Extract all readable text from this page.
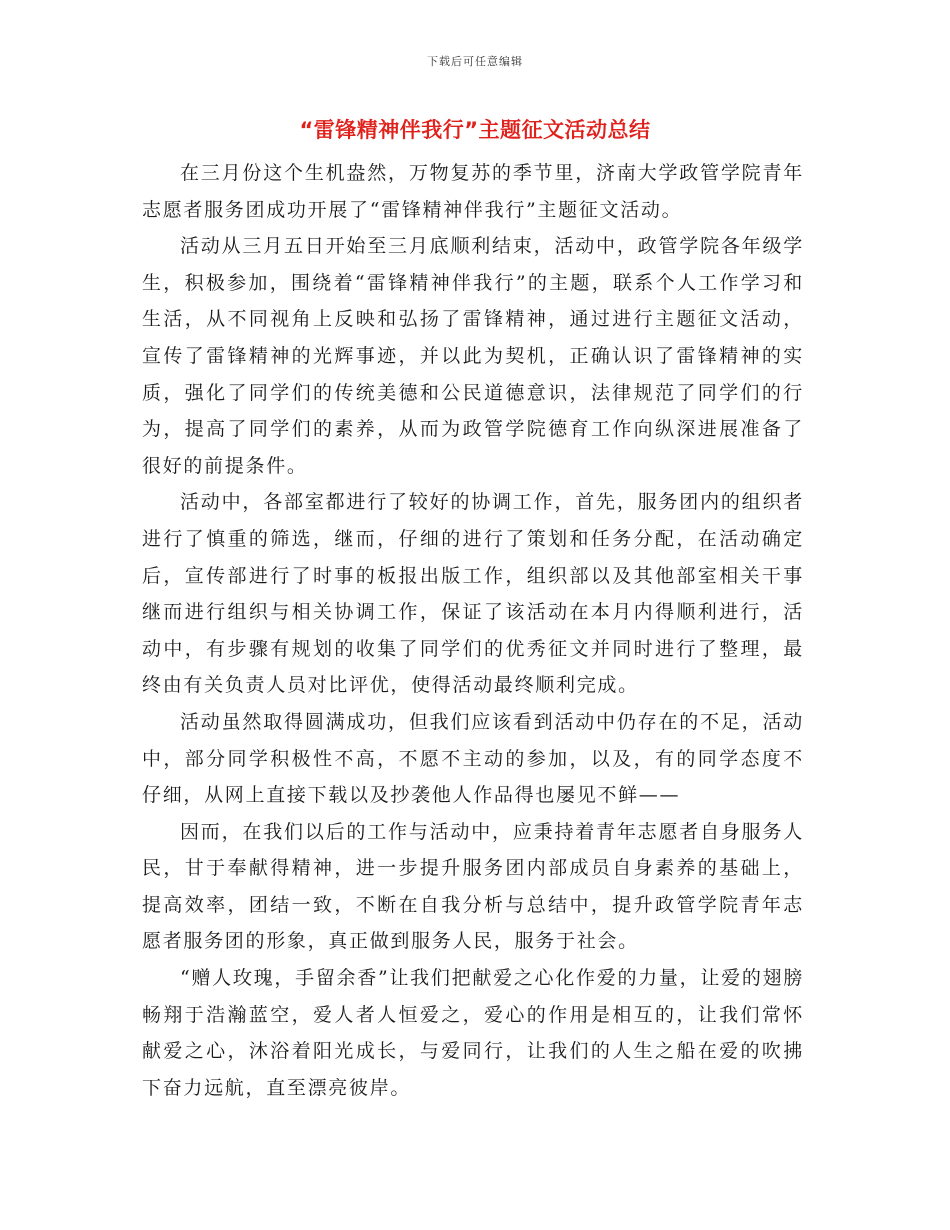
下载后可任意编辑
“雷锋精神伴我行”主题征文活动总结

在三月份这个生机盎然，万物复苏的季节里，济南大学政管学院青年志愿者服务团成功开展了“雷锋精神伴我行”主题征文活动。

活动从三月五日开始至三月底顺利结束，活动中，政管学院各年级学生，积极参加，围绕着“雷锋精神伴我行”的主题，联系个人工作学习和生活，从不同视角上反映和弘扬了雷锋精神，通过进行主题征文活动，宣传了雷锋精神的光辉事迹，并以此为契机，正确认识了雷锋精神的实质，强化了同学们的传统美德和公民道德意识，法律规范了同学们的行为，提高了同学们的素养，从而为政管学院德育工作向纵深进展准备了很好的前提条件。

活动中，各部室都进行了较好的协调工作，首先，服务团内的组织者进行了慎重的筛选，继而，仔细的进行了策划和任务分配，在活动确定后，宣传部进行了时事的板报出版工作，组织部以及其他部室相关干事继而进行组织与相关协调工作，保证了该活动在本月内得顺利进行，活动中，有步骤有规划的收集了同学们的优秀征文并同时进行了整理，最终由有关负责人员对比评优，使得活动最终顺利完成。

活动虽然取得圆满成功，但我们应该看到活动中仍存在的不足，活动中，部分同学积极性不高，不愿不主动的参加，以及，有的同学态度不仔细，从网上直接下载以及抄袭他人作品得也屡见不鲜——

因而，在我们以后的工作与活动中，应秉持着青年志愿者自身服务人民，甘于奉献得精神，进一步提升服务团内部成员自身素养的基础上，提高效率，团结一致，不断在自我分析与总结中，提升政管学院青年志愿者服务团的形象，真正做到服务人民，服务于社会。

“赠人玫瑰，手留余香”让我们把献爱之心化作爱的力量，让爱的翅膀畅翔于浩瀚蓝空，爱人者人恒爱之，爱心的作用是相互的，让我们常怀献爱之心，沐浴着阳光成长，与爱同行，让我们的人生之船在爱的吹拂下奋力远航，直至漂亮彼岸。
